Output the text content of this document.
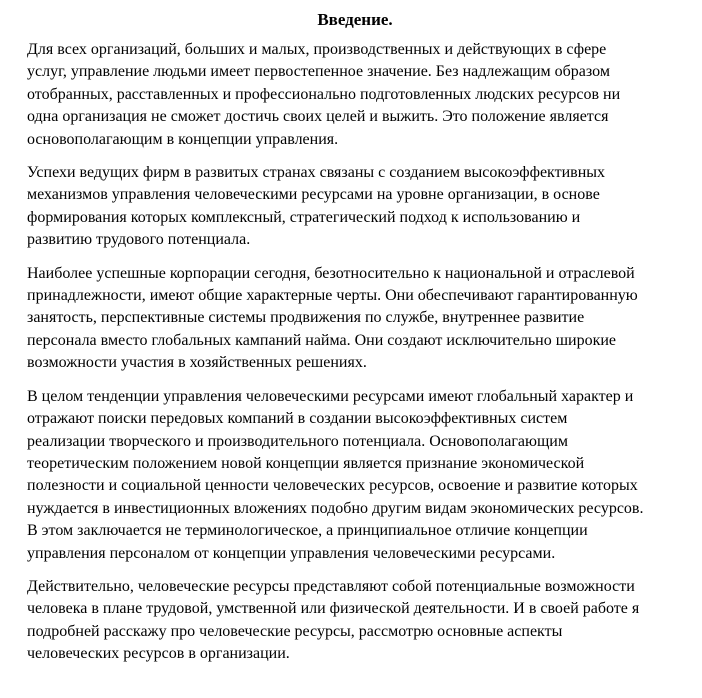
Введение.

Для всех организаций, больших и малых, производственных и действующих в сфере
услуг, управление людьми имеет первостепенное значение. Без надлежащим образом
отобранных, расставленных и профессионально подготовленных людских ресурсов ни
одна организация не сможет достичь своих целей и выжить. Это положение является
основополагающим в концепции управления.

Успехи ведущих фирм в развитых странах связаны с созданием высокоэффективных
механизмов управления человеческими ресурсами на уровне организации, в основе
формирования которых комплексный, стратегический подход к использованию и
развитию трудового потенциала.

Наиболее успешные корпорации сегодня, безотносительно к национальной и отраслевой
принадлежности, имеют общие характерные черты. Они обеспечивают гарантированную
занятость, перспективные системы продвижения по службе, внутреннее развитие
персонала вместо глобальных кампаний найма. Они создают исключительно широкие
возможности участия в хозяйственных решениях.

В целом тенденции управления человеческими ресурсами имеют глобальный характер и
отражают поиски передовых компаний в создании высокоэффективных систем
реализации творческого и производительного потенциала. Основополагающим
теоретическим положением новой концепции является признание экономической
полезности и социальной ценности человеческих ресурсов, освоение и развитие которых
нуждается в инвестиционных вложениях подобно другим видам экономических ресурсов.
В этом заключается не терминологическое, а принципиальное отличие концепции
управления персоналом от концепции управления человеческими ресурсами.

Действительно, человеческие ресурсы представляют собой потенциальные возможности
человека в плане трудовой, умственной или физической деятельности. И в своей работе я
подробней расскажу про человеческие ресурсы, рассмотрю основные аспекты
человеческих ресурсов в организации.
